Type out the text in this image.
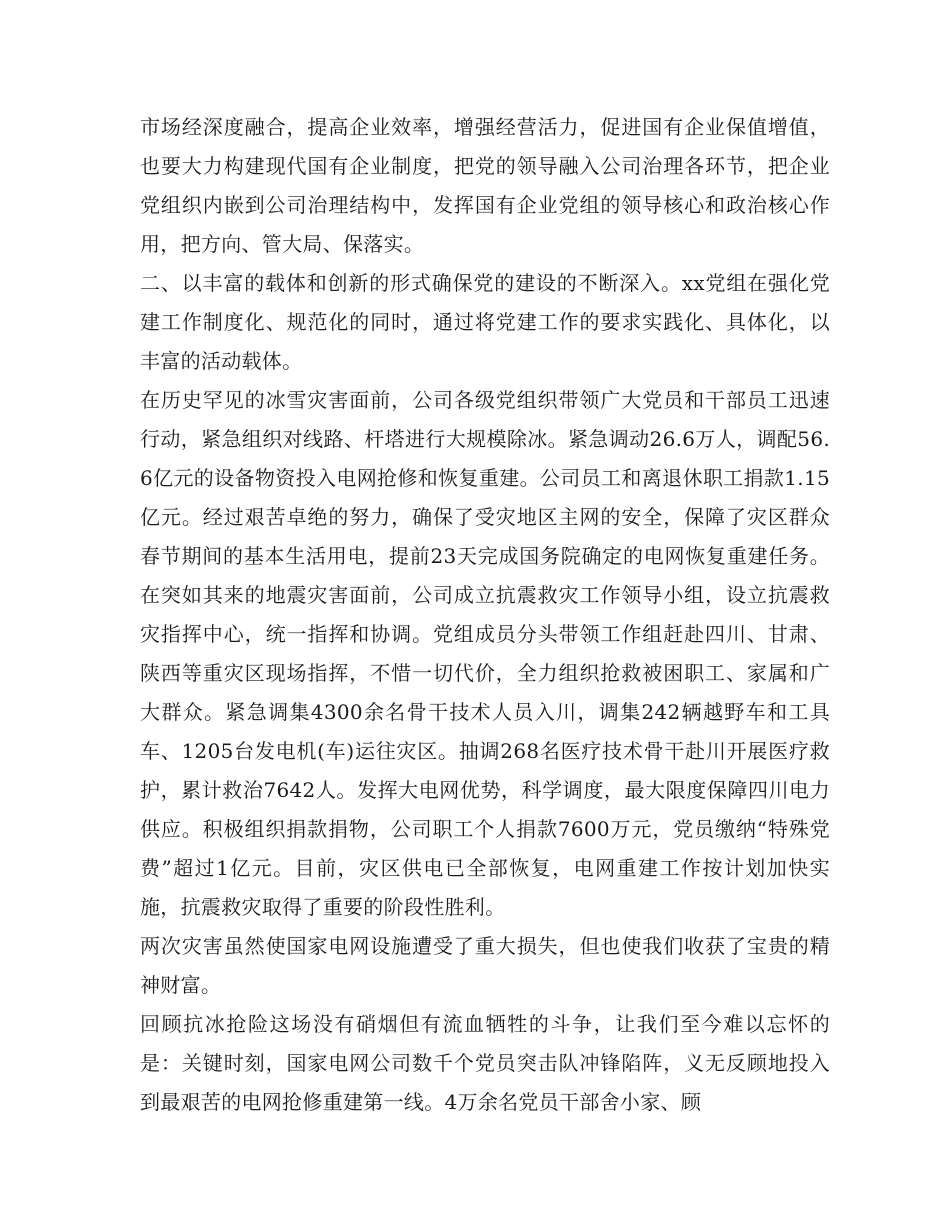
市场经深度融合，提高企业效率，增强经营活力，促进国有企业保值增值，也要大力构建现代国有企业制度，把党的领导融入公司治理各环节，把企业党组织内嵌到公司治理结构中，发挥国有企业党组的领导核心和政治核心作用，把方向、管大局、保落实。

二、以丰富的载体和创新的形式确保党的建设的不断深入。xx党组在强化党建工作制度化、规范化的同时，通过将党建工作的要求实践化、具体化，以丰富的活动载体。

在历史罕见的冰雪灾害面前，公司各级党组织带领广大党员和干部员工迅速行动，紧急组织对线路、杆塔进行大规模除冰。紧急调动26.6万人，调配56.6亿元的设备物资投入电网抢修和恢复重建。公司员工和离退休职工捐款1.15亿元。经过艰苦卓绝的努力，确保了受灾地区主网的安全，保障了灾区群众春节期间的基本生活用电，提前23天完成国务院确定的电网恢复重建任务。在突如其来的地震灾害面前，公司成立抗震救灾工作领导小组，设立抗震救灾指挥中心，统一指挥和协调。党组成员分头带领工作组赶赴四川、甘肃、陕西等重灾区现场指挥，不惜一切代价，全力组织抢救被困职工、家属和广大群众。紧急调集4300余名骨干技术人员入川，调集242辆越野车和工具车、1205台发电机(车)运往灾区。抽调268名医疗技术骨干赴川开展医疗救护，累计救治7642人。发挥大电网优势，科学调度，最大限度保障四川电力供应。积极组织捐款捐物，公司职工个人捐款7600万元，党员缴纳“特殊党费”超过1亿元。目前，灾区供电已全部恢复，电网重建工作按计划加快实施，抗震救灾取得了重要的阶段性胜利。

两次灾害虽然使国家电网设施遭受了重大损失，但也使我们收获了宝贵的精神财富。

回顾抗冰抢险这场没有硝烟但有流血牺牲的斗争，让我们至今难以忘怀的是：关键时刻，国家电网公司数千个党员突击队冲锋陷阵，义无反顾地投入到最艰苦的电网抢修重建第一线。4万余名党员干部舍小家、顾
